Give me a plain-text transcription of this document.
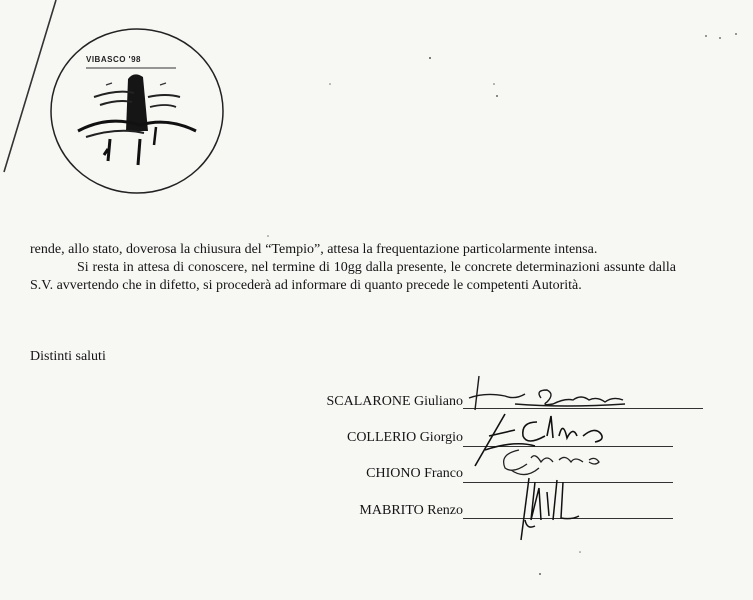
VIBASCO '98

rende, allo stato, doverosa la chiusura del “Tempio”, attesa la frequentazione particolarmente intensa.

Si resta in attesa di conoscere, nel termine di 10gg dalla presente, le concrete determinazioni assunte dalla S.V. avvertendo che in difetto, si procederà ad informare di quanto precede le competenti Autorità.

Distinti saluti
SCALARONE Giuliano
COLLERIO Giorgio
CHIONO Franco
MABRITO Renzo
